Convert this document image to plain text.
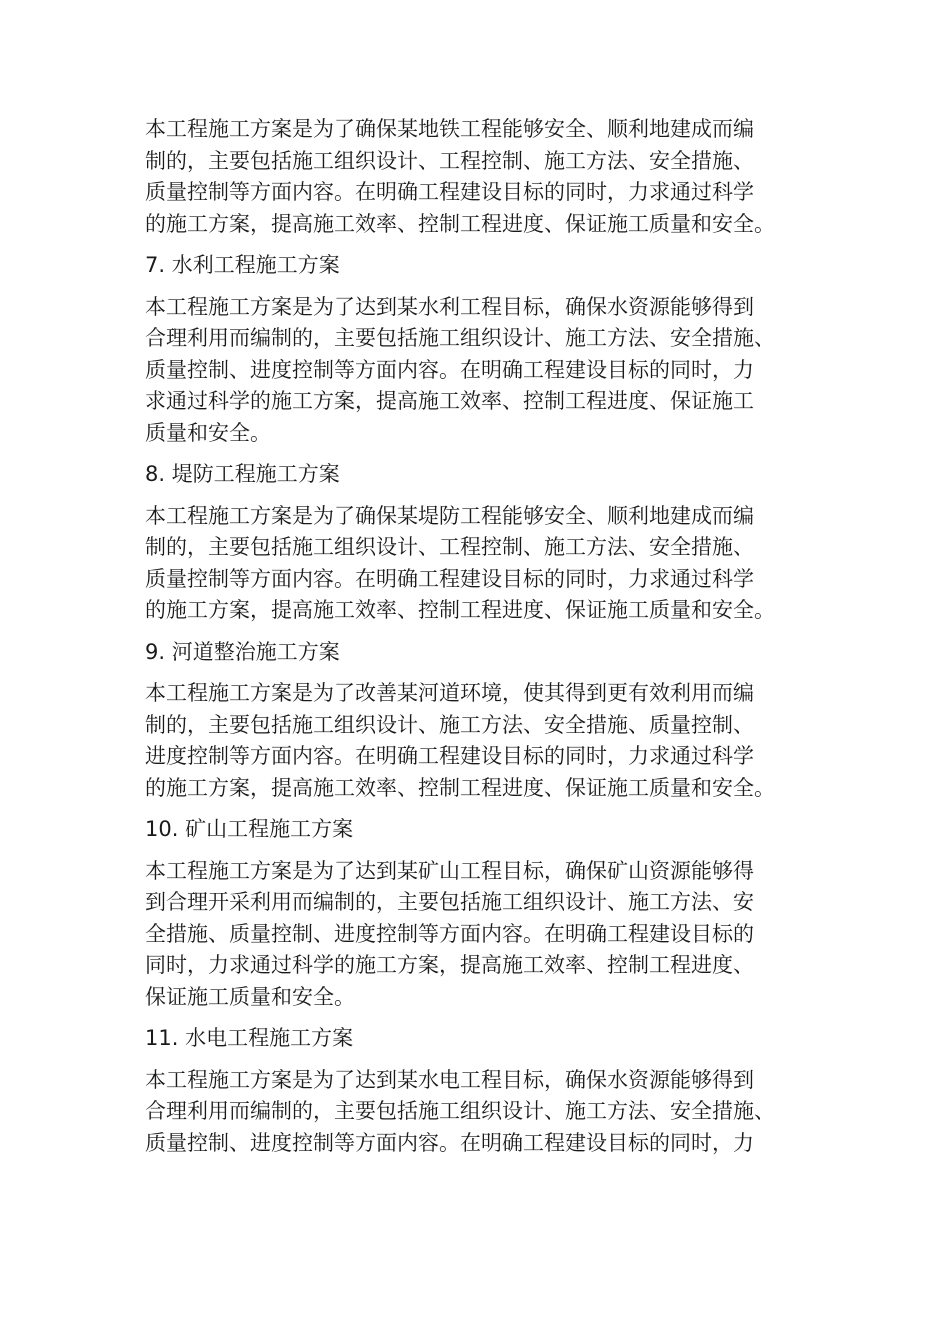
本工程施工方案是为了确保某地铁工程能够安全、顺利地建成而编
制的，主要包括施工组织设计、工程控制、施工方法、安全措施、
质量控制等方面内容。在明确工程建设目标的同时，力求通过科学
的施工方案，提高施工效率、控制工程进度、保证施工质量和安全。

7. 水利工程施工方案

本工程施工方案是为了达到某水利工程目标，确保水资源能够得到
合理利用而编制的，主要包括施工组织设计、施工方法、安全措施、
质量控制、进度控制等方面内容。在明确工程建设目标的同时，力
求通过科学的施工方案，提高施工效率、控制工程进度、保证施工
质量和安全。

8. 堤防工程施工方案

本工程施工方案是为了确保某堤防工程能够安全、顺利地建成而编
制的，主要包括施工组织设计、工程控制、施工方法、安全措施、
质量控制等方面内容。在明确工程建设目标的同时，力求通过科学
的施工方案，提高施工效率、控制工程进度、保证施工质量和安全。

9. 河道整治施工方案

本工程施工方案是为了改善某河道环境，使其得到更有效利用而编
制的，主要包括施工组织设计、施工方法、安全措施、质量控制、
进度控制等方面内容。在明确工程建设目标的同时，力求通过科学
的施工方案，提高施工效率、控制工程进度、保证施工质量和安全。

10. 矿山工程施工方案

本工程施工方案是为了达到某矿山工程目标，确保矿山资源能够得
到合理开采利用而编制的，主要包括施工组织设计、施工方法、安
全措施、质量控制、进度控制等方面内容。在明确工程建设目标的
同时，力求通过科学的施工方案，提高施工效率、控制工程进度、
保证施工质量和安全。

11. 水电工程施工方案

本工程施工方案是为了达到某水电工程目标，确保水资源能够得到
合理利用而编制的，主要包括施工组织设计、施工方法、安全措施、
质量控制、进度控制等方面内容。在明确工程建设目标的同时，力
